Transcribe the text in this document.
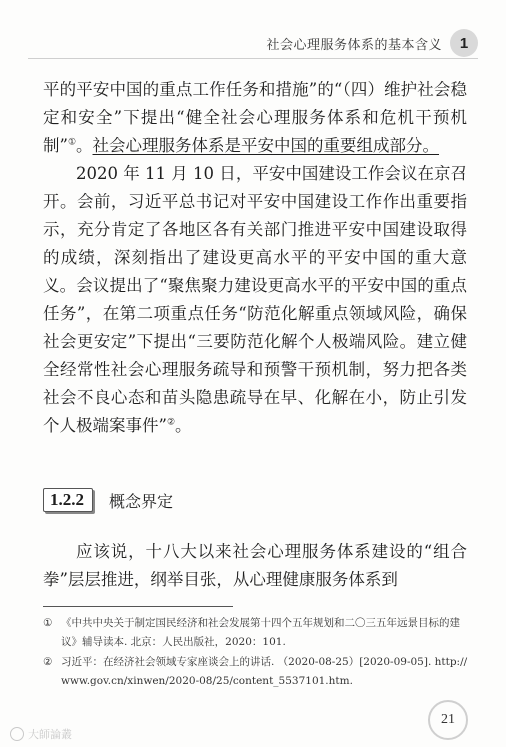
社会心理服务体系的基本含义	1

平的平安中国的重点工作任务和措施”的“（四）维护社会稳定和安全”下提出“健全社会心理服务体系和危机干预机制”①。社会心理服务体系是平安中国的重要组成部分。

2020 年 11 月 10 日，平安中国建设工作会议在京召开。会前，习近平总书记对平安中国建设工作作出重要指示，充分肯定了各地区各有关部门推进平安中国建设取得的成绩，深刻指出了建设更高水平的平安中国的重大意义。会议提出了“聚焦聚力建设更高水平的平安中国的重点任务”，在第二项重点任务“防范化解重点领域风险，确保社会更安定”下提出“三要防范化解个人极端风险。建立健全经常性社会心理服务疏导和预警干预机制，努力把各类社会不良心态和苗头隐患疏导在早、化解在小，防止引发个人极端案事件”②。

1.2.2	概念界定

应该说，十八大以来社会心理服务体系建设的“组合拳”层层推进，纲举目张，从心理健康服务体系到

① 《中共中央关于制定国民经济和社会发展第十四个五年规划和二〇三五年远景目标的建议》辅导读本. 北京：人民出版社，2020：101.
② 习近平：在经济社会领域专家座谈会上的讲话. （2020-08-25）[2020-09-05]. http://www.gov.cn/xinwen/2020-08/25/content_5537101.htm.
21
大師論叢
